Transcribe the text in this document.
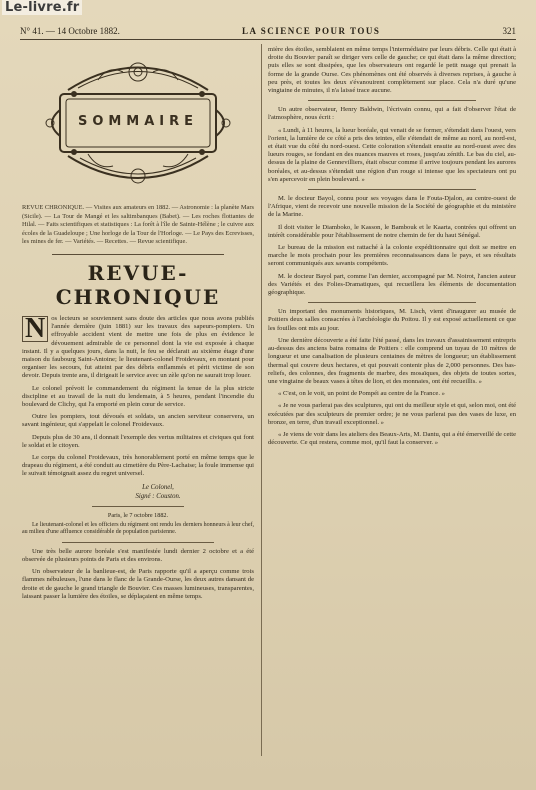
Le-livre.fr
N° 41. — 14 Octobre 1882.	LA SCIENCE POUR TOUS	321
SOMMAIRE
REVUE CHRONIQUE. — Visites aux amateurs en 1882. — Astronomie : la planète Mars (Sicile). — La Tour de Mangé et les saltimbanques (Babet). — Les roches flottantes de Hilal. — Faits scientifiques et statistiques : La forêt à l'île de Sainte-Hélène ; le cuivre aux écoles de la Guadeloupe ; Une horloge de la Tour de l'Horloge. — Le Pays des Ecrevisses, les mines de fer. — Variétés. — Recettes. — Revue scientifique.
REVUE-CHRONIQUE

N os lecteurs se souviennent sans doute des articles que nous avons publiés l'année dernière (juin 1881) sur les travaux des sapeurs-pompiers. Un effroyable accident vient de mettre une fois de plus en évidence le dévouement admirable de ce personnel dont la vie est exposée à chaque instant. Il y a quelques jours, dans la nuit, le feu se déclarait au sixième étage d'une maison du faubourg Saint-Antoine; le lieutenant-colonel Froidevaux, en montant pour organiser les secours, fut atteint par des débris enflammés et périt victime de son devoir. Depuis trente ans, il dirigeait le service avec un zèle qu'on ne saurait trop louer.

Le colonel prévoit le commandement du régiment la tenue de la plus stricte discipline et au travail de la nuit du lendemain, à 5 heures, pendant l'incendie du boulevard de Clichy, qui l'a emporté en plein cœur de service.

Outre les pompiers, tout dévoués et soldats, un ancien serviteur conservera, un savant ingénieur, qui s'appelait le colonel Froidevaux.

Depuis plus de 30 ans, il donnait l'exemple des vertus militaires et civiques qui font le soldat et le citoyen.

Le corps du colonel Froidevaux, très honorablement porté en même temps que le drapeau du régiment, a été conduit au cimetière du Père-Lachaise; la foule immense qui le suivait témoignait assez du regret universel.

Le Colonel,
Signé : Couston.
Paris, le 7 octobre 1882.

Le lieutenant-colonel et les officiers du régiment ont rendu les derniers honneurs à leur chef, au milieu d'une affluence considérable de population parisienne.

Une très belle aurore boréale s'est manifestée lundi dernier 2 octobre et a été observée de plusieurs points de Paris et des environs.

Un observateur de la banlieue-est, de Paris rapporte qu'il a aperçu comme trois flammes nébuleuses, l'une dans le flanc de la Grande-Ourse, les deux autres dansant de droite et de gauche le grand triangle de Bouvier. Ces masses lumineuses, transparentes, laissant passer la lumière des étoiles, se déplaçaient en même temps.

mière des étoiles, semblaient en même temps l'intermédiaire par leurs débris. Celle qui était à droite du Bouvier paraît se diriger vers celle de gauche; ce qui était dans la même direction; puis elles se sont dissipées, que les observateurs ont regardé le petit nuage qui prenait la forme de la grande Ourse. Ces phénomènes ont été observés à diverses reprises, à gauche à peu près, et toutes les deux s'évanouirent complètement sur place. Cela n'a duré qu'une vingtaine de minutes, il n'a laissé trace aucune.

Un autre observateur, Henry Baldwin, l'écrivain connu, qui a fait d'observer l'état de l'atmosphère, nous écrit :

« Lundi, à 11 heures, la lueur boréale, qui venait de se former, s'étendait dans l'ouest, vers l'orient, la lumière de ce côté a pris des teintes, elle s'étendait de même au nord, au nord-est, et était vue du côté du nord-ouest. Cette coloration s'étendait ensuite au nord-ouest avec des lueurs rouges, se fondant en des nuances mauves et roses, jusqu'au zénith. Le bas du ciel, au-dessus de la plaine de Gennevilliers, était obscur comme il arrive toujours pendant les aurores boréales, et au-dessus s'étendait une région d'un rouge si intense que les spectateurs ont pu s'en apercevoir en plein boulevard. »

M. le docteur Bayol, connu pour ses voyages dans le Fouta-Djalon, au centre-ouest de l'Afrique, vient de recevoir une nouvelle mission de la Société de géographie et du ministère de la Marine.

Il doit visiter le Diamboko, le Kasson, le Bambouk et le Kaarta, contrées qui offrent un intérêt considérable pour l'établissement de notre chemin de fer du haut Sénégal.

Le bureau de la mission est rattaché à la colonie expéditionnaire qui doit se mettre en marche le mois prochain pour les premières reconnaissances dans le pays, et ses résultats seront communiqués aux savants compétents.

M. le docteur Bayol part, comme l'an dernier, accompagné par M. Noirot, l'ancien auteur des Variétés et des Folies-Dramatiques, qui recueillera les éléments de documentation géographique.

Un important des monuments historiques, M. Lisch, vient d'inaugurer au musée de Poitiers deux salles consacrées à l'archéologie du Poitou. Il y est exposé actuellement ce que les fouilles ont mis au jour.

Une dernière découverte a été faite l'été passé, dans les travaux d'assainissement entrepris au-dessus des anciens bains romains de Poitiers : elle comprend un tuyau de 10 mètres de longueur et une canalisation de plusieurs centaines de mètres de longueur; un établissement thermal qui couvre deux hectares, et qui pouvait contenir plus de 2,000 personnes. Des bas-reliefs, des colonnes, des fragments de marbre, des mosaïques, des objets de toutes sortes, une vingtaine de beaux vases à têtes de lion, et des monnaies, ont été recueillis. »

« C'est, on le voit, un point de Pompéi au centre de la France. »

« Je ne vous parlerai pas des sculptures, qui ont du meilleur style et qui, selon moi, ont été exécutées par des sculpteurs de premier ordre; je ne vous parlerai pas des vases de luxe, en bronze, en terre, d'un travail exceptionnel. »

« Je viens de voir dans les ateliers des Beaux-Arts, M. Dantu, qui a été émerveillé de cette découverte. Ce qui restera, comme moi, qu'il faut la conserver. »
